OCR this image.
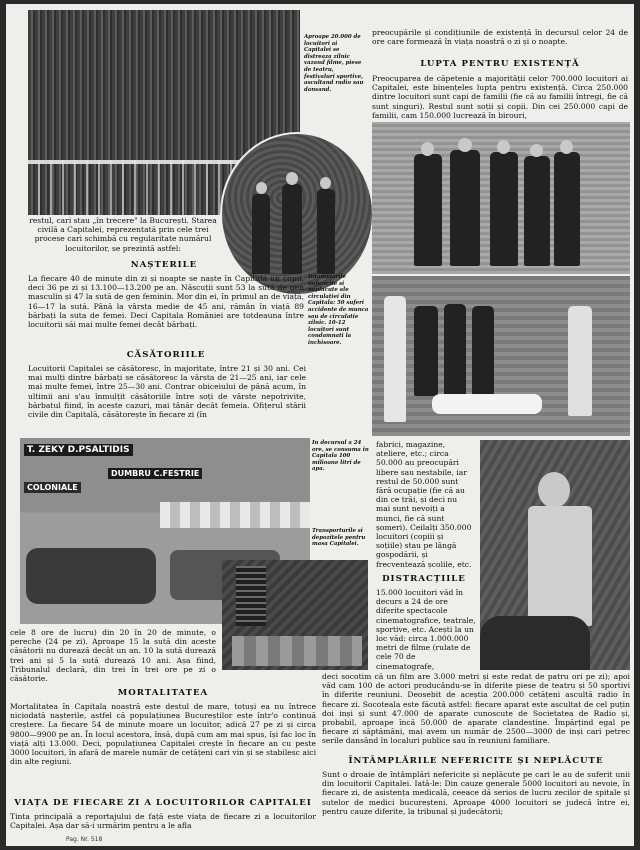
Aproape 20.000 de locuitori ai Capitalei se distreaza zilnic vazand filme, piese de teatru, festivaluri sportive, ascultand radio sau dansand.
preocupările și condițiunile de existență în decursul celor 24 de ore care formează în viața noastră o zi și o noapte.
LUPTA PENTRU EXISTENȚĂ
Preocuparea de căpetenie a majorității celor 700.000 locuitori ai Capitalei, este binențeles lupta pentru existență. Circa 250.000 dintre locuitori sunt capi de familii (fie că au familii întregi, fie că sunt singuri). Restul sunt soții și copii. Din cei 250.000 capi de familii, cam 150.000 lucrează în birouri,
Intamplarile nefericite si neplacute ale circulatiei din Capitala: 50 suferi accidente de munca sau de circulatie zilnic. 10-12 locuitori sunt condamnati la inchisoare.
restul, cari stau „în trecere" la București. Starea civilă a Capitalei, reprezentată prin cele trei procese cari schimbă cu regularitate numărul locuitorilor, se prezintă astfel:
NAȘTERILE
La fiecare 40 de minute din zi și noapte se naște în Capitală un copil, deci 36 pe zi și 13.100—13.200 pe an. Născuții sunt 53 la sută de gen masculin și 47 la sută de gen feminin. Mor din ei, în primul an de viață, 16—17 la sută. Până la vârsta medie de 45 ani, rămân în viață 89 bărbați la suta de femei. Deci Capitala României are totdeauna între locuitorii săi mai multe femei decât bărbați.
CĂSĂTORIILE
Locuitorii Capitalei se căsătoresc, în majoritate, între 21 și 30 ani. Cei mai mulți dintre bărbați se căsătoresc la vârsta de 21—25 ani, iar cele mai multe femei, între 25—30 ani. Contrar obiceiului de până acum, în ultimii ani s'au înmulțit căsătoriile între soți de vârste nepotrivite, bărbatul fiind, în aceste cazuri, mai tânăr decât femeia. Ofițerul stării civile din Capitală, căsătorește în fiecare zi (în
T. ZEKY D.PSALTIDIS
DUMBRU C.FESTRIE
COLONIALE
In decursul a 24 ore, se consuma in Capitala 100 milioane litri de apa.
Transporturile si depozitele pentru masa Capitalei.
fabrici, magazine, ateliere, etc.; circa 50.000 au preocupări libere sau nestabile, iar restul de 50.000 sunt fără ocupație (fie că au din ce trăi, și deci nu mai sunt nevoiți a munci, fie că sunt șomeri). Ceilalți 350.000 locuitori (copiii și soțiile) stau pe lângă gospodării, și frecventează școlile, etc.
DISTRACȚIILE
15.000 locuitori văd în decurs a 24 de ore diferite spectacole cinematografice, teatrale, sportive, etc. Acești la un loc văd: circa 1.000.000 metri de filme (rulate de cele 70 de cinematografe,
cele 8 ore de lucru) din 20 în 20 de minute, o pereche (24 pe zi). Aproape 15 la sută din aceste căsătorii nu durează decât un an. 10 la sută durează trei ani și 5 la sută durează 10 ani. Așa fiind, Tribunalul declară, din trei în trei ore pe zi o căsătorie.
MORTALITATEA
Mortalitatea în Capitala noastră este destul de mare, totuși ea nu întrece niciodată nașterile, astfel că populațiunea Bucureștilor este într'o continuă creștere. La fiecare 54 de minute moare un locuitor, adică 27 pe zi și circa 9800—9900 pe an. În locul acestora, însă, după cum am mai spus, își fac loc în viață alți 13.000. Deci, populațiunea Capitalei crește în fiecare an cu peste 3000 locuitori, în afară de marele număr de cetățeni cari vin și se stabilesc aici din alte regiuni.
VIAȚA DE FIECARE ZI A LOCUITORILOR CAPITALEI
Tinta principală a reportajului de față este viața de fiecare zi a locuitorilor Capitalei. Așa dar să-i urmărim pentru a le afla
deci socotim că un film are 3.000 metri și este redat de patru ori pe zi); apoi văd cam 100 de actori producându-se în diferite piese de teatru și 50 sportivi în diferite reuniuni. Deosebit de aceștia 200.000 cetățeni ascultă radio în fiecare zi. Socoteala este făcută astfel: fiecare aparat este ascultat de cel puțin doi inși și sunt 47.000 de aparate cunoscute de Societatea de Radio și, probabil, aproape încă 50.000 de aparate clandestine. Împărțind egal pe fiecare zi săptămâni, mai avem un număr de 2500—3000 de inși cari petrec serile dansând în localuri publice sau în reuniuni familiare.
ÎNTÂMPLĂRILE NEFERICITE ȘI NEPLĂCUTE
Sunt o droaie de întâmplări nefericite și neplăcute pe cari le au de suferit unii din locuitorii Capitalei. Iată-le: Din cauze generale 5000 locuitori au nevoie, în fiecare zi, de asistența medicală, ceeace dă serios de lucru zecilor de spitale și sutelor de medici bucureșteni. Aproape 4000 locuitori se judecă între ei, pentru cauze diferite, la tribunal și judecătorii;
Pag. Nr. 518
